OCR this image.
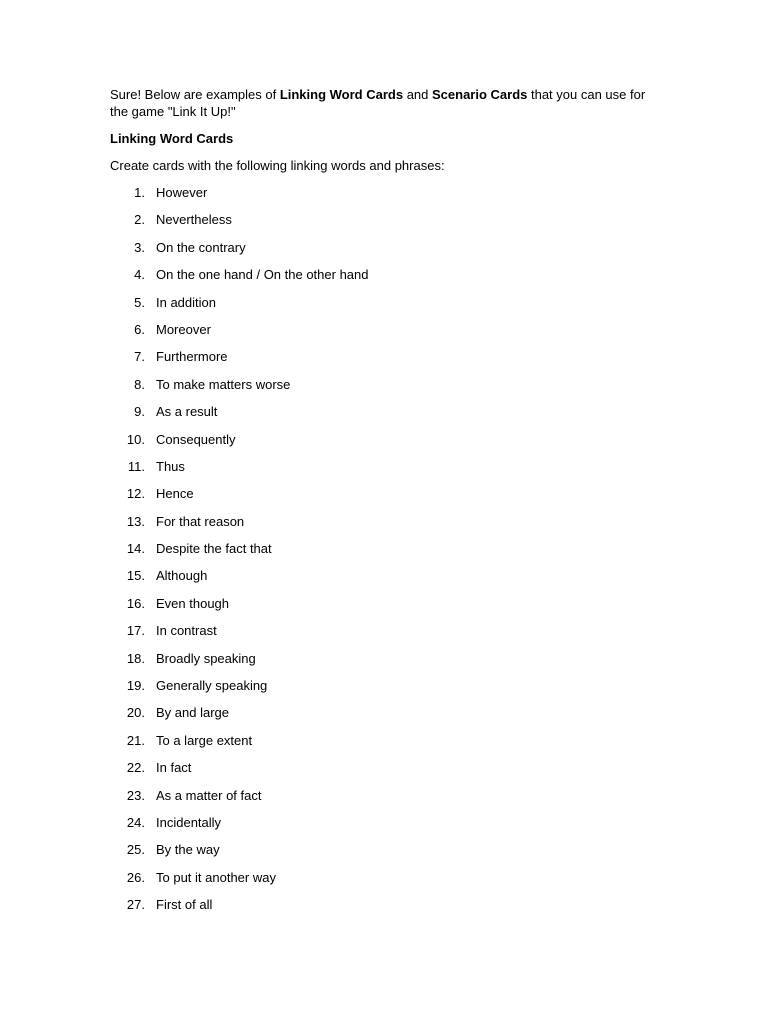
Sure! Below are examples of Linking Word Cards and Scenario Cards that you can use for the game "Link It Up!"

Linking Word Cards

Create cards with the following linking words and phrases:

1. However
2. Nevertheless
3. On the contrary
4. On the one hand / On the other hand
5. In addition
6. Moreover
7. Furthermore
8. To make matters worse
9. As a result
10. Consequently
11. Thus
12. Hence
13. For that reason
14. Despite the fact that
15. Although
16. Even though
17. In contrast
18. Broadly speaking
19. Generally speaking
20. By and large
21. To a large extent
22. In fact
23. As a matter of fact
24. Incidentally
25. By the way
26. To put it another way
27. First of all
